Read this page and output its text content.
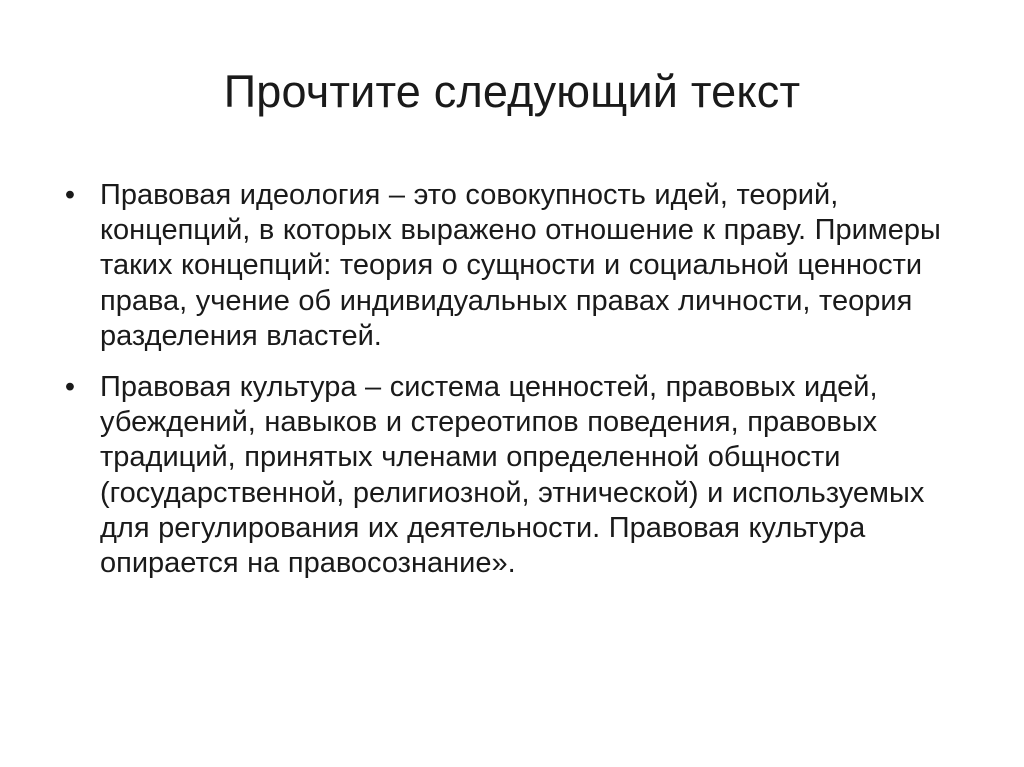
Прочтите следующий текст
• Правовая идеология – это совокупность идей, теорий, концепций, в которых выражено отношение к праву. Примеры таких концепций: теория о сущности и социальной ценности права, учение об индивидуальных правах личности, теория разделения властей.
• Правовая культура – система ценностей, правовых идей, убеждений, навыков и стереотипов поведения, правовых традиций, принятых членами определенной общности (государственной, религиозной, этнической) и используемых для регулирования их деятельности. Правовая культура опирается на правосознание».
